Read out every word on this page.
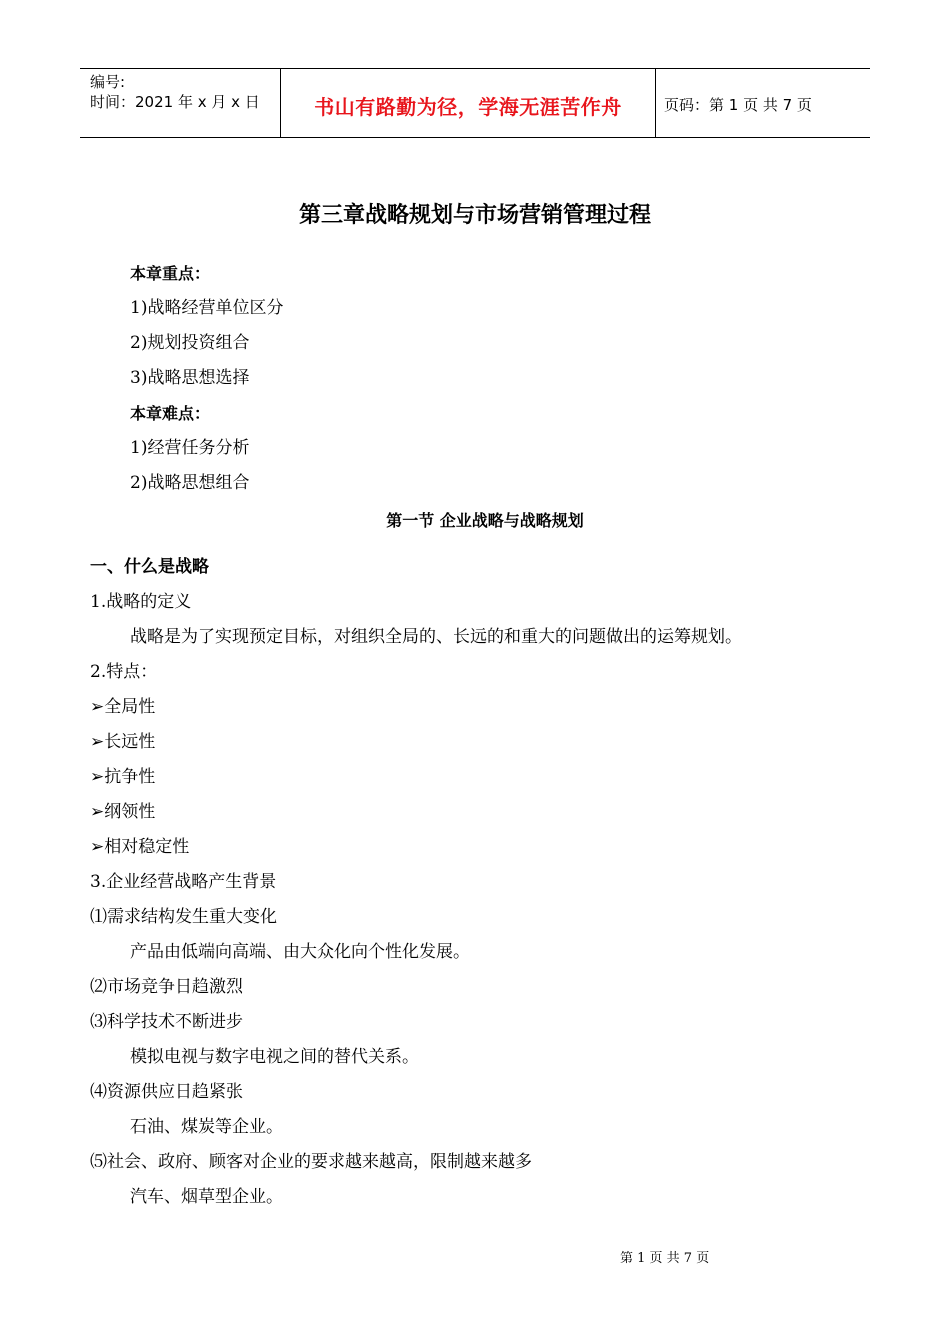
编号:
时间：2021 年 x 月 x 日	书山有路勤为径，学海无涯苦作舟	页码：第 1 页 共 7 页
第三章战略规划与市场营销管理过程
本章重点：
1)战略经营单位区分
2)规划投资组合
3)战略思想选择
本章难点：
1)经营任务分析
2)战略思想组合
第一节 企业战略与战略规划
一、什么是战略
1.战略的定义
战略是为了实现预定目标，对组织全局的、长远的和重大的问题做出的运筹规划。
2.特点：
➢全局性
➢长远性
➢抗争性
➢纲领性
➢相对稳定性
3.企业经营战略产生背景
⑴需求结构发生重大变化
产品由低端向高端、由大众化向个性化发展。
⑵市场竞争日趋激烈
⑶科学技术不断进步
模拟电视与数字电视之间的替代关系。
⑷资源供应日趋紧张
石油、煤炭等企业。
⑸社会、政府、顾客对企业的要求越来越高，限制越来越多
汽车、烟草型企业。
第 1 页 共 7 页
